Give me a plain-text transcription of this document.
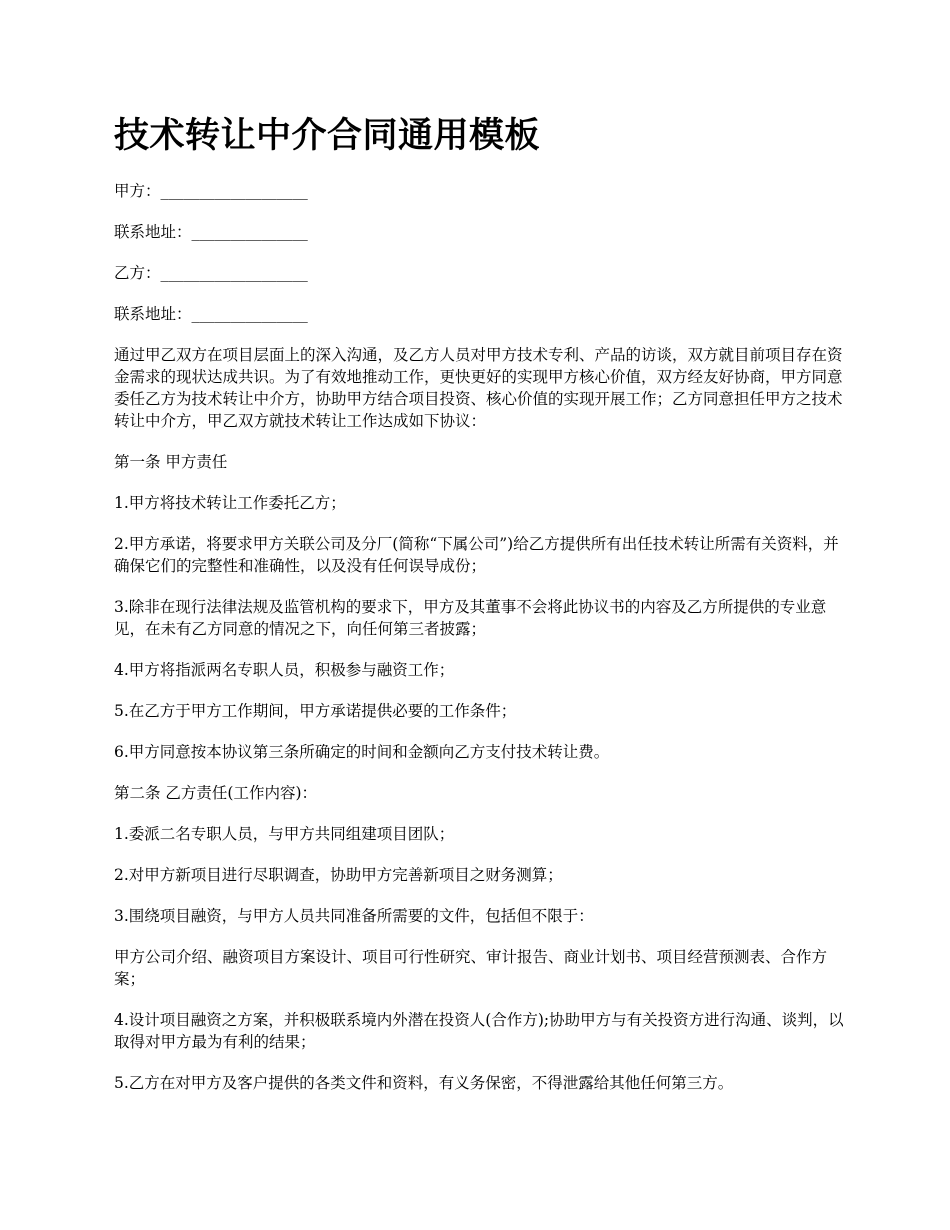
技术转让中介合同通用模板
甲方：___________________
联系地址：_______________
乙方：___________________
联系地址：_______________

通过甲乙双方在项目层面上的深入沟通，及乙方人员对甲方技术专利、产品的访谈，双方就目前项目存在资金需求的现状达成共识。为了有效地推动工作，更快更好的实现甲方核心价值，双方经友好协商，甲方同意委任乙方为技术转让中介方，协助甲方结合项目投资、核心价值的实现开展工作；乙方同意担任甲方之技术转让中介方，甲乙双方就技术转让工作达成如下协议：

第一条 甲方责任

1.甲方将技术转让工作委托乙方；

2.甲方承诺，将要求甲方关联公司及分厂(简称“下属公司”)给乙方提供所有出任技术转让所需有关资料，并确保它们的完整性和准确性，以及没有任何误导成份；

3.除非在现行法律法规及监管机构的要求下，甲方及其董事不会将此协议书的内容及乙方所提供的专业意见，在未有乙方同意的情况之下，向任何第三者披露；

4.甲方将指派两名专职人员，积极参与融资工作；

5.在乙方于甲方工作期间，甲方承诺提供必要的工作条件；

6.甲方同意按本协议第三条所确定的时间和金额向乙方支付技术转让费。

第二条 乙方责任(工作内容)：

1.委派二名专职人员，与甲方共同组建项目团队；

2.对甲方新项目进行尽职调查，协助甲方完善新项目之财务测算；

3.围绕项目融资，与甲方人员共同准备所需要的文件，包括但不限于：

甲方公司介绍、融资项目方案设计、项目可行性研究、审计报告、商业计划书、项目经营预测表、合作方案；

4.设计项目融资之方案，并积极联系境内外潜在投资人(合作方);协助甲方与有关投资方进行沟通、谈判，以取得对甲方最为有利的结果；

5.乙方在对甲方及客户提供的各类文件和资料，有义务保密，不得泄露给其他任何第三方。
